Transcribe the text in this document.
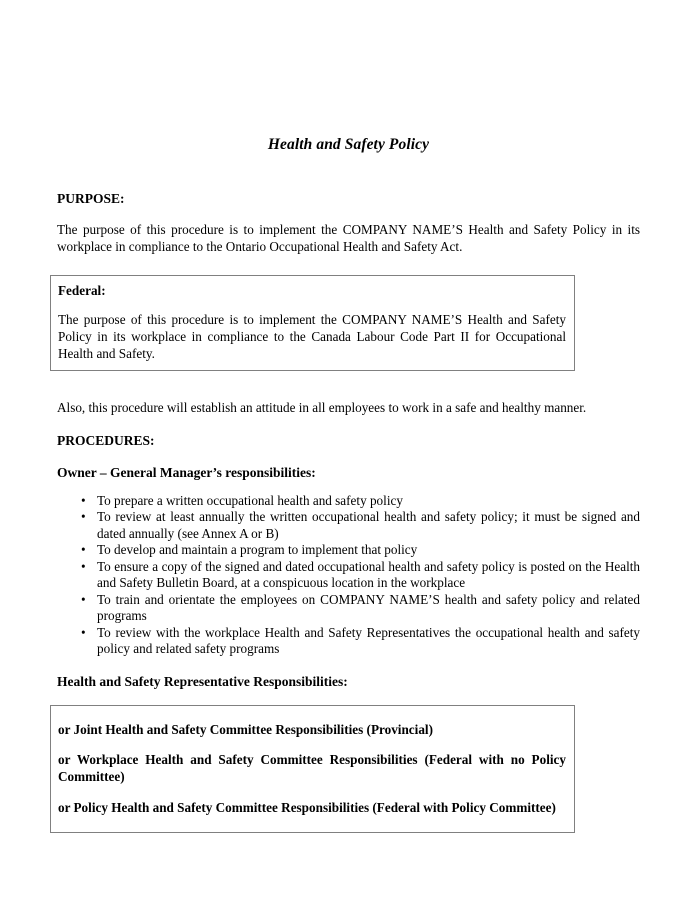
Health and Safety Policy
PURPOSE:

The purpose of this procedure is to implement the COMPANY NAME’S Health and Safety Policy in its workplace in compliance to the Ontario Occupational Health and Safety Act.

Federal:

The purpose of this procedure is to implement the COMPANY NAME’S Health and Safety Policy in its workplace in compliance to the Canada Labour Code Part II for Occupational Health and Safety.

Also, this procedure will establish an attitude in all employees to work in a safe and healthy manner.

PROCEDURES:
Owner – General Manager’s responsibilities:
• To prepare a written occupational health and safety policy
• To review at least annually the written occupational health and safety policy; it must be signed and dated annually (see Annex A or B)
• To develop and maintain a program to implement that policy
• To ensure a copy of the signed and dated occupational health and safety policy is posted on the Health and Safety Bulletin Board, at a conspicuous location in the workplace
• To train and orientate the employees on COMPANY NAME’S health and safety policy and related programs
• To review with the workplace Health and Safety Representatives the occupational health and safety policy and related safety programs
Health and Safety Representative Responsibilities:

or Joint Health and Safety Committee Responsibilities (Provincial)

or Workplace Health and Safety Committee Responsibilities (Federal with no Policy Committee)

or Policy Health and Safety Committee Responsibilities (Federal with Policy Committee)
